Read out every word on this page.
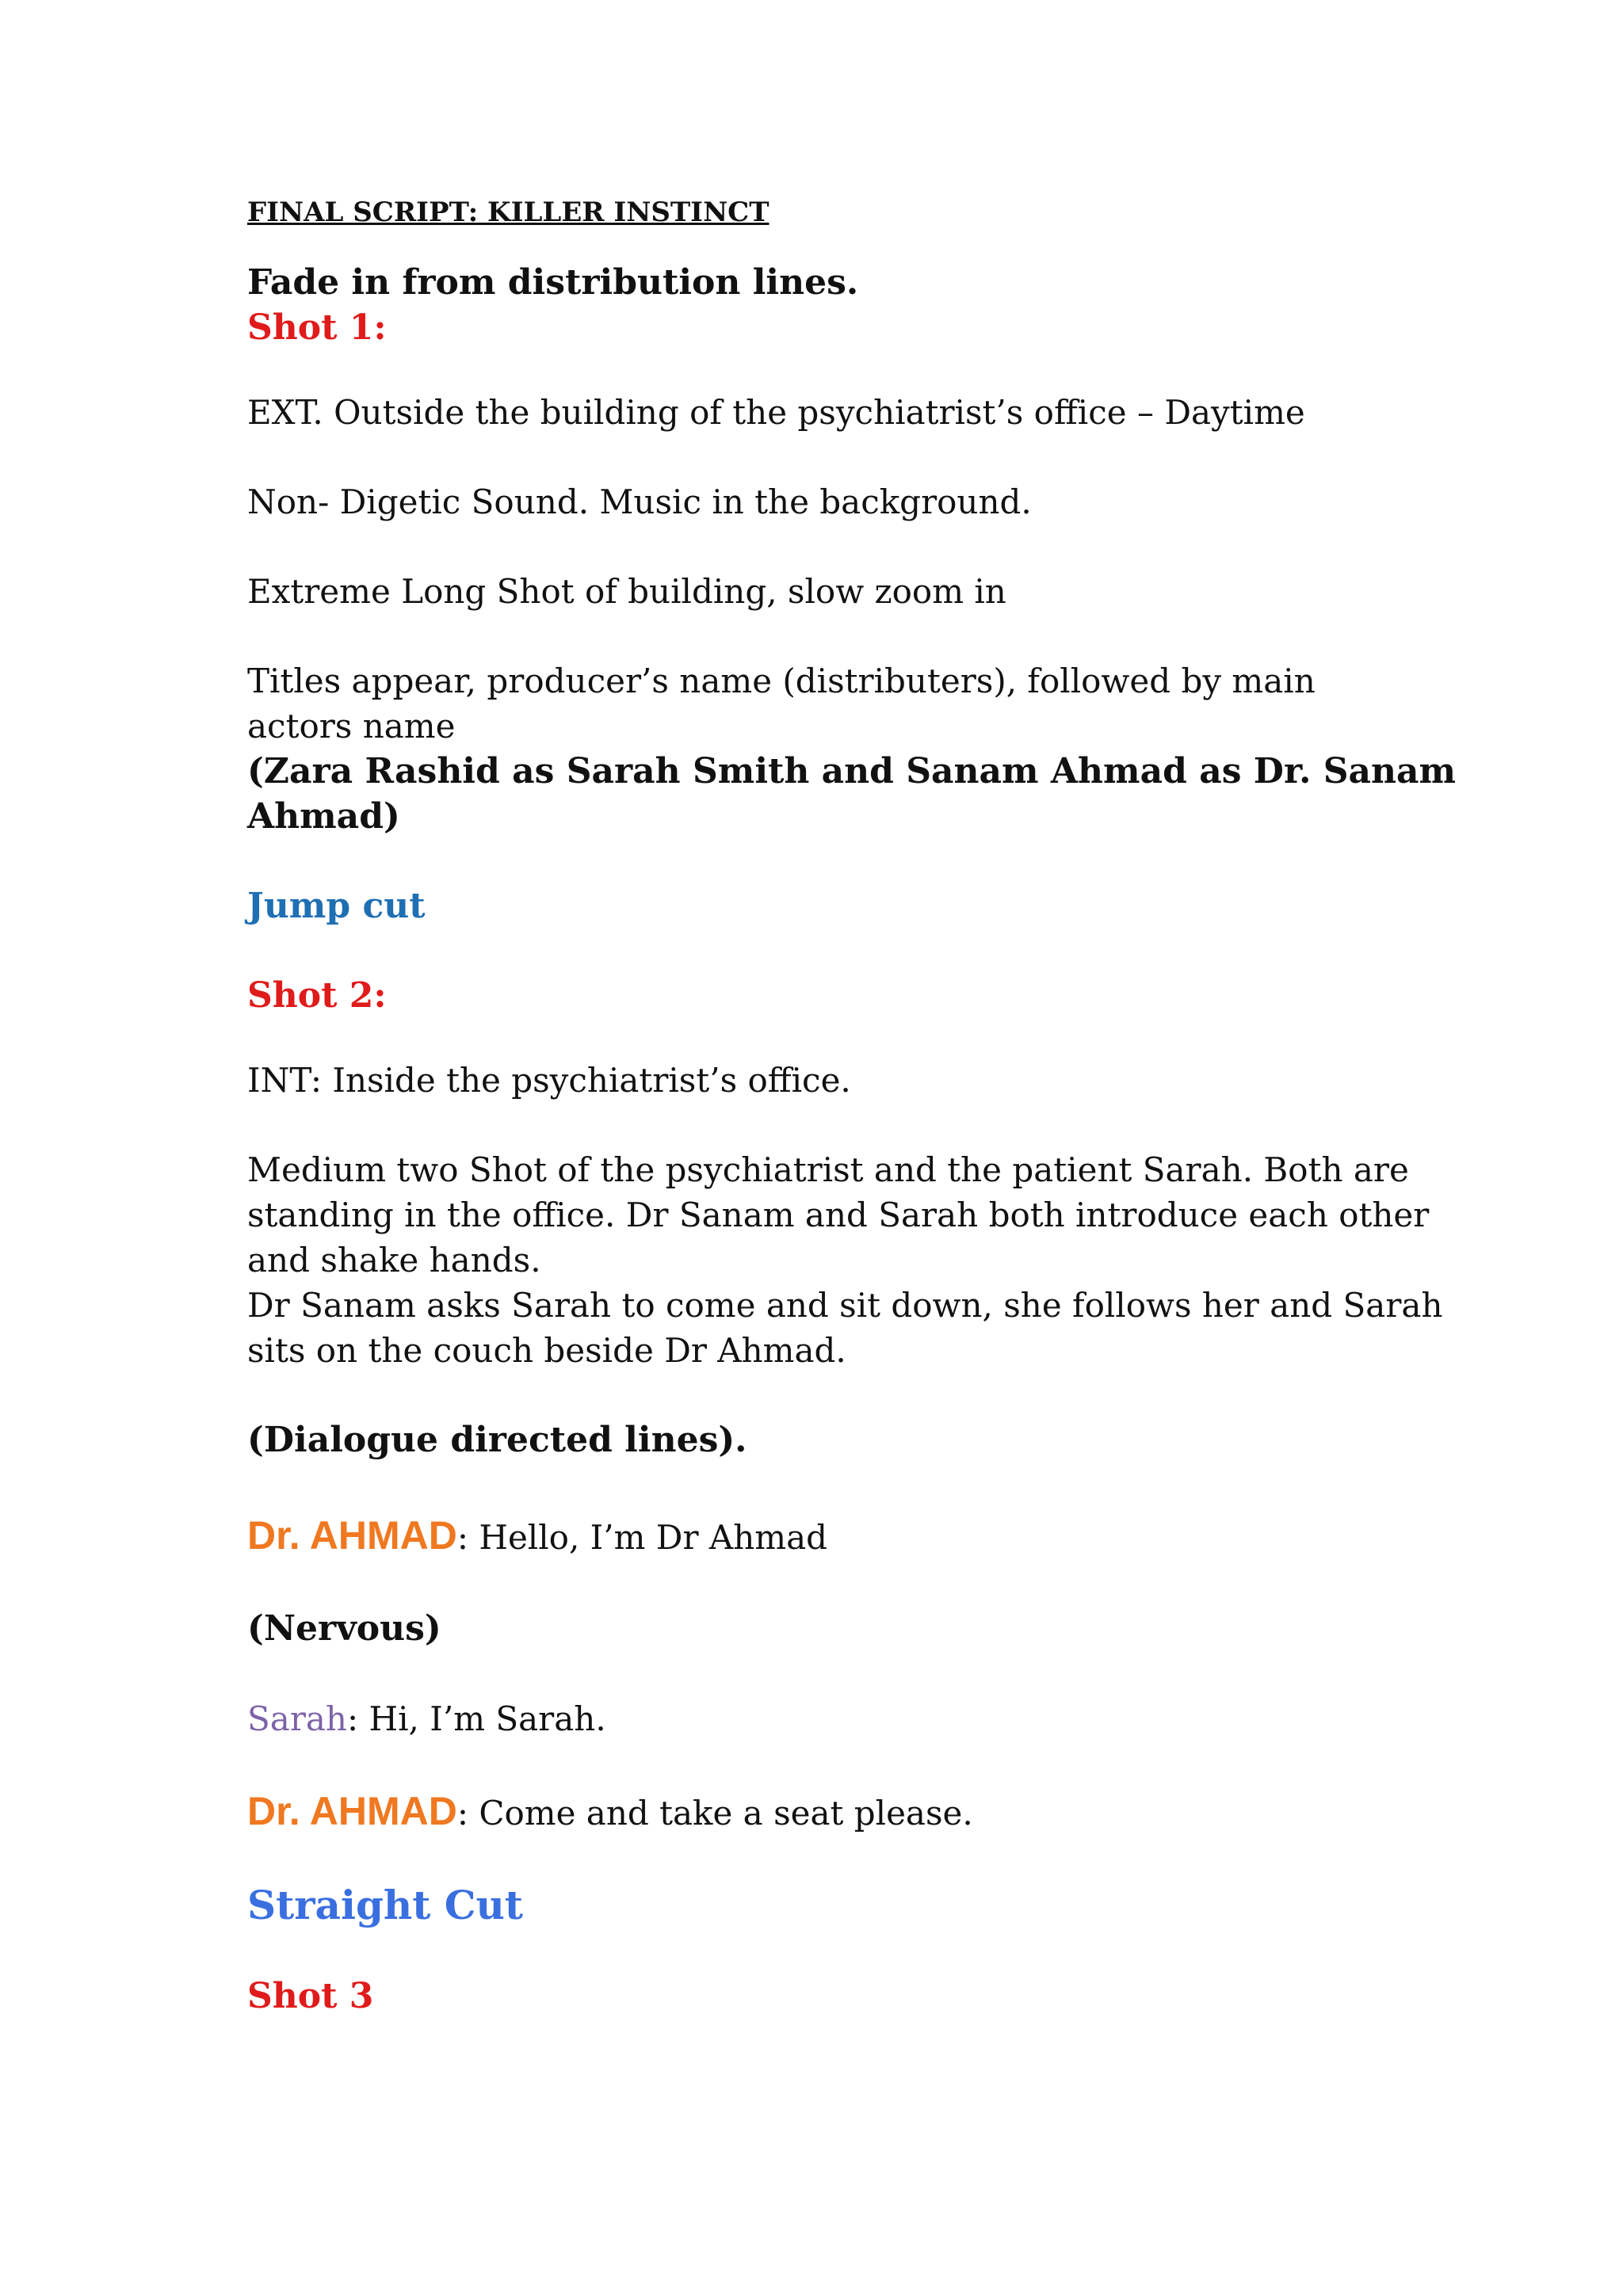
FINAL SCRIPT: KILLER INSTINCT

Fade in from distribution lines.

Shot 1:

EXT. Outside the building of the psychiatrist’s office – Daytime

Non- Digetic Sound. Music in the background.

Extreme Long Shot of building, slow zoom in

Titles appear, producer’s name (distributers), followed by main

actors name

(Zara Rashid as Sarah Smith and Sanam Ahmad as Dr. Sanam

Ahmad)

Jump cut

Shot 2:

INT: Inside the psychiatrist’s office.

Medium two Shot of the psychiatrist and the patient Sarah. Both are

standing in the office. Dr Sanam and Sarah both introduce each other

and shake hands.

Dr Sanam asks Sarah to come and sit down, she follows her and Sarah

sits on the couch beside Dr Ahmad.

(Dialogue directed lines).

Dr. AHMAD: Hello, I’m Dr Ahmad

(Nervous)

Sarah: Hi, I’m Sarah.

Dr. AHMAD: Come and take a seat please.

Straight Cut

Shot 3
